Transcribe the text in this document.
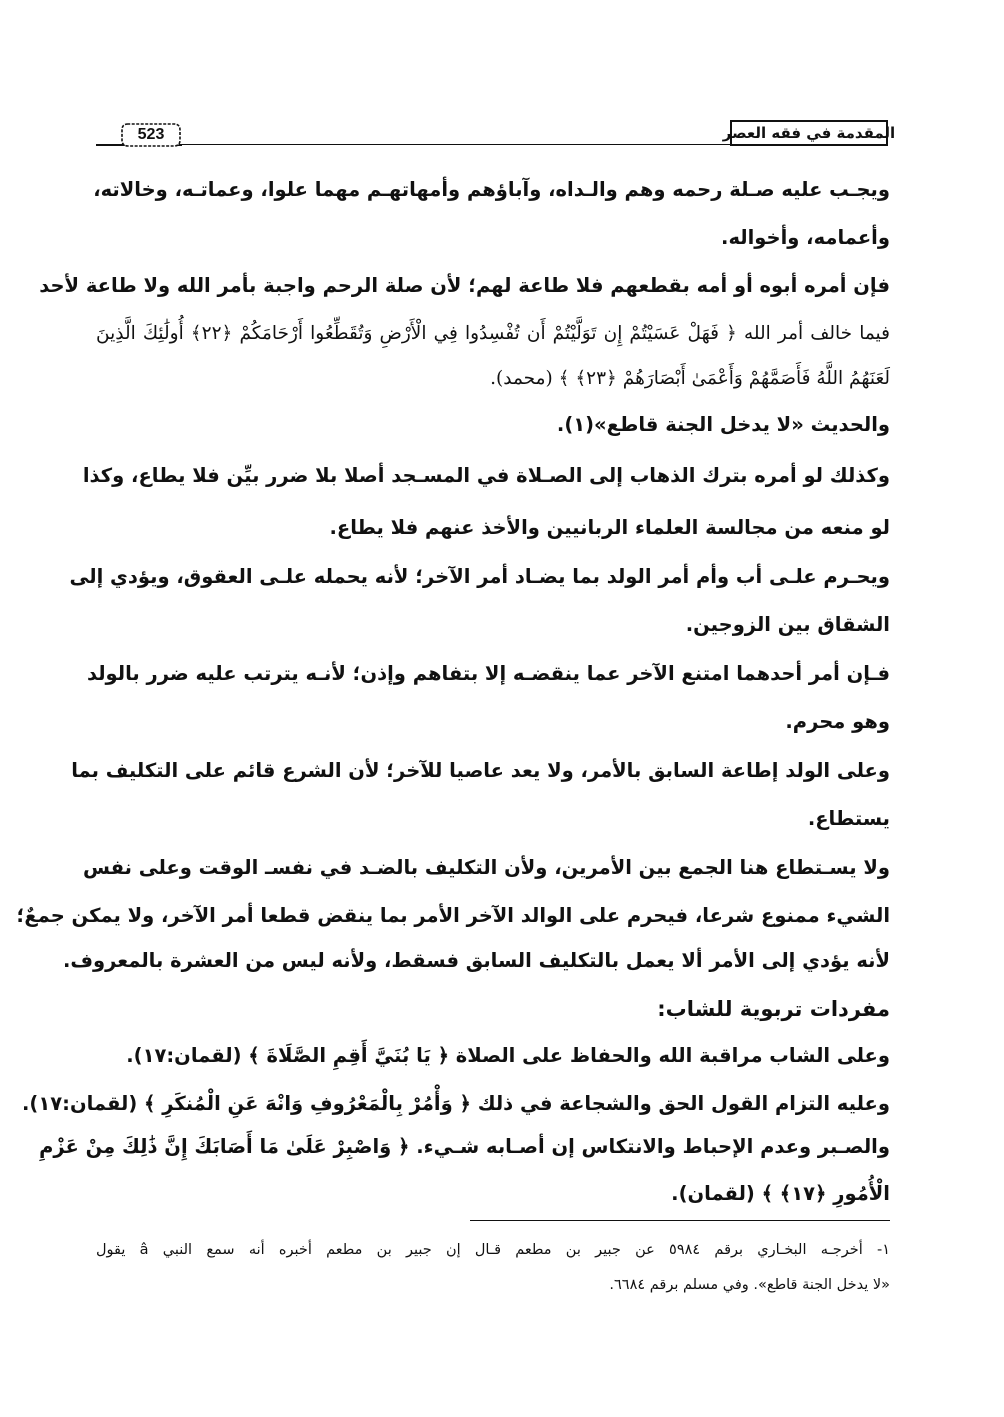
523	المقدمة في فقه العصر
ويجـب عليه صـلة رحمه وهم والـداه، وآباؤهم وأمهاتهـم مهما علوا، وعماتـه، وخالاته،
وأعمامه، وأخواله.
فإن أمره أبوه أو أمه بقطعهم فلا طاعة لهم؛ لأن صلة الرحم واجبة بأمر الله ولا طاعة لأحد
فيما خالف أمر الله ﴿ فَهَلْ عَسَيْتُمْ إِن تَوَلَّيْتُمْ أَن تُفْسِدُوا فِي الْأَرْضِ وَتُقَطِّعُوا أَرْحَامَكُمْ ﴿٢٢﴾ أُولَٰئِكَ الَّذِينَ
لَعَنَهُمُ اللَّهُ فَأَصَمَّهُمْ وَأَعْمَىٰ أَبْصَارَهُمْ ﴿٢٣﴾ ﴾ (محمد).
والحديث «لا يدخل الجنة قاطع»(١).
وكذلك لو أمره بترك الذهاب إلى الصـلاة في المسـجد أصلا بلا ضرر بيِّن فلا يطاع، وكذا
لو منعه من مجالسة العلماء الربانيين والأخذ عنهم فلا يطاع.
ويحـرم علـى أب وأم أمر الولد بما يضـاد أمر الآخر؛ لأنه يحمله علـى العقوق، ويؤدي إلى
الشقاق بين الزوجين.
فـإن أمر أحدهما امتنع الآخر عما ينقضـه إلا بتفاهم وإذن؛ لأنـه يترتب عليه ضرر بالولد
وهو محرم.
وعلى الولد إطاعة السابق بالأمر، ولا يعد عاصيا للآخر؛ لأن الشرع قائم على التكليف بما
يستطاع.
ولا يسـتطاع هنا الجمع بين الأمرين، ولأن التكليف بالضـد في نفسـ الوقت وعلى نفس
الشيء ممنوع شرعا، فيحرم على الوالد الآخر الأمر بما ينقض قطعا أمر الآخر، ولا يمكن جمعٌ؛
لأنه يؤدي إلى الأمر ألا يعمل بالتكليف السابق فسقط، ولأنه ليس من العشرة بالمعروف.
مفردات تربوية للشاب:
وعلى الشاب مراقبة الله والحفاظ على الصلاة ﴿ يَا بُنَيَّ أَقِمِ الصَّلَاةَ ﴾ (لقمان:١٧).
وعليه التزام القول الحق والشجاعة في ذلك ﴿ وَأْمُرْ بِالْمَعْرُوفِ وَانْهَ عَنِ الْمُنكَرِ ﴾ (لقمان:١٧).
والصـبر وعدم الإحباط والانتكاس إن أصـابه شـيء. ﴿ وَاصْبِرْ عَلَىٰ مَا أَصَابَكَ إِنَّ ذَٰلِكَ مِنْ عَزْمِ
الْأُمُورِ ﴿١٧﴾ ﴾ (لقمان).
١- أخرجـه البخـاري برقم ٥٩٨٤ عن جبير بن مطعم قـال إن جبير بن مطعم أخبره أنه سمع النبي â يقول
«لا يدخل الجنة قاطع». وفي مسلم برقم ٦٦٨٤.
